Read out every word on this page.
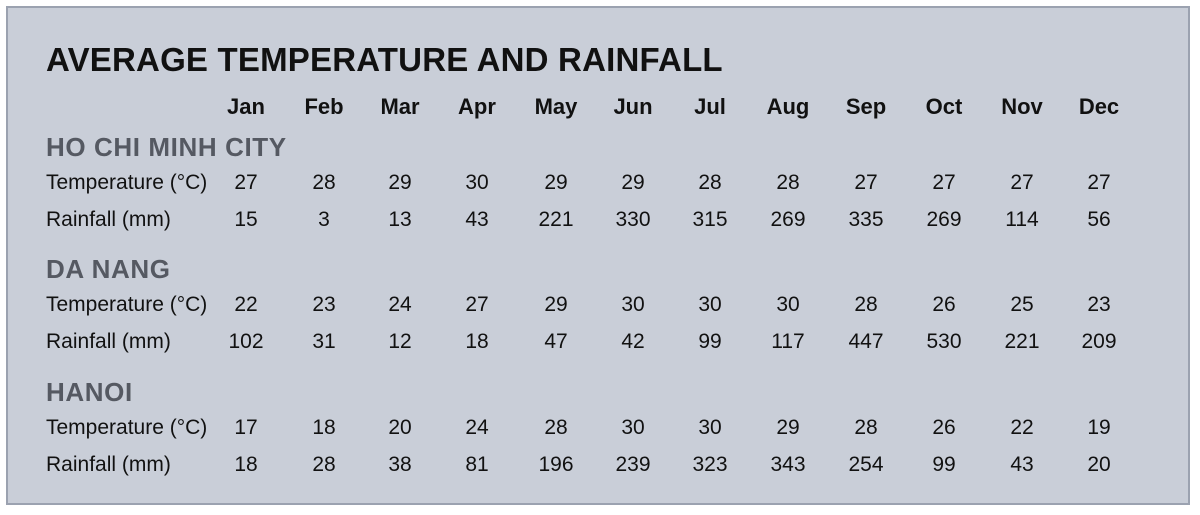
AVERAGE TEMPERATURE AND RAINFALL
Jan	Feb	Mar	Apr	May	Jun	Jul	Aug	Sep	Oct	Nov	Dec
HO CHI MINH CITY
Temperature (°C)	27	28	29	30	29	29	28	28	27	27	27	27
Rainfall (mm)	15	3	13	43	221	330	315	269	335	269	114	56
DA NANG
Temperature (°C)	22	23	24	27	29	30	30	30	28	26	25	23
Rainfall (mm)	102	31	12	18	47	42	99	117	447	530	221	209
HANOI
Temperature (°C)	17	18	20	24	28	30	30	29	28	26	22	19
Rainfall (mm)	18	28	38	81	196	239	323	343	254	99	43	20
